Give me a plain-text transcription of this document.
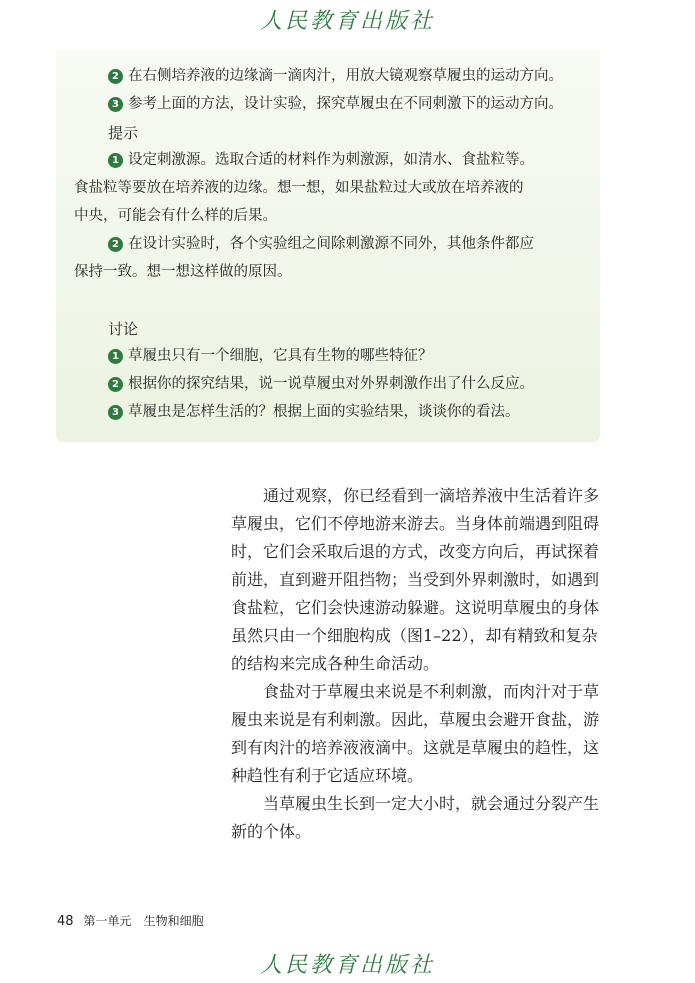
人民教育出版社
2 在右侧培养液的边缘滴一滴肉汁，用放大镜观察草履虫的运动方向。
3 参考上面的方法，设计实验，探究草履虫在不同刺激下的运动方向。
提示
1 设定刺激源。选取合适的材料作为刺激源，如清水、食盐粒等。
食盐粒等要放在培养液的边缘。想一想，如果盐粒过大或放在培养液的
中央，可能会有什么样的后果。
2 在设计实验时，各个实验组之间除刺激源不同外，其他条件都应
保持一致。想一想这样做的原因。
讨论
1 草履虫只有一个细胞，它具有生物的哪些特征？
2 根据你的探究结果，说一说草履虫对外界刺激作出了什么反应。
3 草履虫是怎样生活的？根据上面的实验结果，谈谈你的看法。
　　通过观察，你已经看到一滴培养液中生活着许多
草履虫，它们不停地游来游去。当身体前端遇到阻碍
时，它们会采取后退的方式，改变方向后，再试探着
前进，直到避开阻挡物；当受到外界刺激时，如遇到
食盐粒，它们会快速游动躲避。这说明草履虫的身体
虽然只由一个细胞构成（图1–22），却有精致和复杂
的结构来完成各种生命活动。
　　食盐对于草履虫来说是不利刺激，而肉汁对于草
履虫来说是有利刺激。因此，草履虫会避开食盐，游
到有肉汁的培养液液滴中。这就是草履虫的趋性，这
种趋性有利于它适应环境。
　　当草履虫生长到一定大小时，就会通过分裂产生
新的个体。
48 第一单元 生物和细胞
人民教育出版社
